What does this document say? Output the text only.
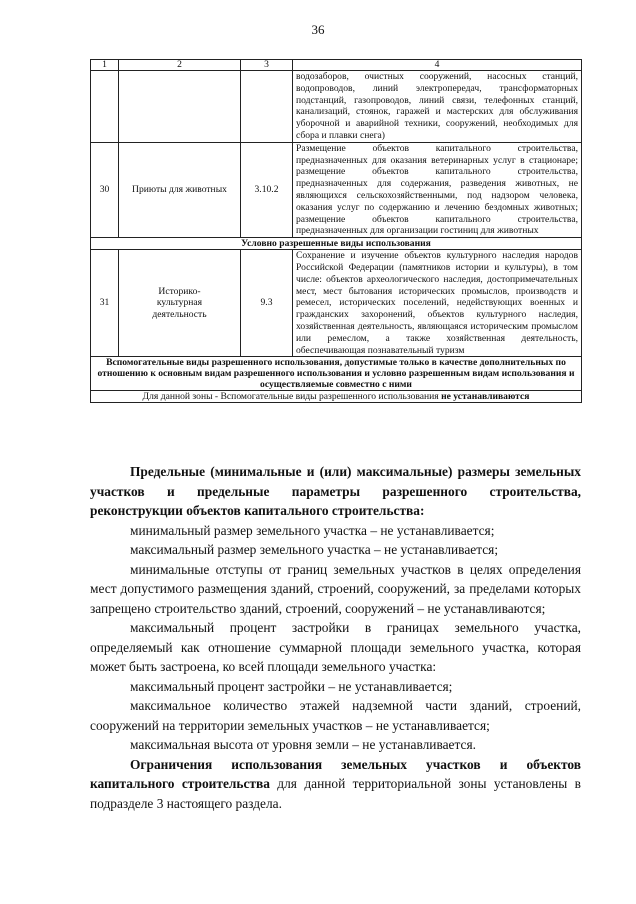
36
1	2	3	4
			водозаборов, очистных сооружений, насосных станций, водопроводов, линий электропередач, трансформаторных подстанций, газопроводов, линий связи, телефонных станций, канализаций, стоянок, гаражей и мастерских для обслуживания уборочной и аварийной техники, сооружений, необходимых для сбора и плавки снега)
30	Приюты для животных	3.10.2	Размещение объектов капитального строительства, предназначенных для оказания ветеринарных услуг в стационаре; размещение объектов капитального строительства, предназначенных для содержания, разведения животных, не являющихся сельскохозяйственными, под надзором человека, оказания услуг по содержанию и лечению бездомных животных; размещение объектов капитального строительства, предназначенных для организации гостиниц для животных
Условно разрешенные виды использования			
31	Историко-культурная деятельность	9.3	Сохранение и изучение объектов культурного наследия народов Российской Федерации (памятников истории и культуры), в том числе: объектов археологического наследия, достопримечательных мест, мест бытования исторических промыслов, производств и ремесел, исторических поселений, недействующих военных и гражданских захоронений, объектов культурного наследия, хозяйственная деятельность, являющаяся историческим промыслом или ремеслом, а также хозяйственная деятельность, обеспечивающая познавательный туризм
Вспомогательные виды разрешенного использования, допустимые только в качестве дополнительных по отношению к основным видам разрешенного использования и условно разрешенным видам использования и осуществляемые совместно с ними			
Для данной зоны - Вспомогательные виды разрешенного использования не устанавливаются			

Предельные (минимальные и (или) максимальные) размеры земельных участков и предельные параметры разрешенного строительства, реконструкции объектов капитального строительства:

минимальный размер земельного участка – не устанавливается;

максимальный размер земельного участка – не устанавливается;

минимальные отступы от границ земельных участков в целях определения мест допустимого размещения зданий, строений, сооружений, за пределами которых запрещено строительство зданий, строений, сооружений – не устанавливаются;

максимальный процент застройки в границах земельного участка, определяемый как отношение суммарной площади земельного участка, которая может быть застроена, ко всей площади земельного участка:

максимальный процент застройки – не устанавливается;

максимальное количество этажей надземной части зданий, строений, сооружений на территории земельных участков – не устанавливается;

максимальная высота от уровня земли – не устанавливается.

Ограничения использования земельных участков и объектов капитального строительства для данной территориальной зоны установлены в подразделе 3 настоящего раздела.
